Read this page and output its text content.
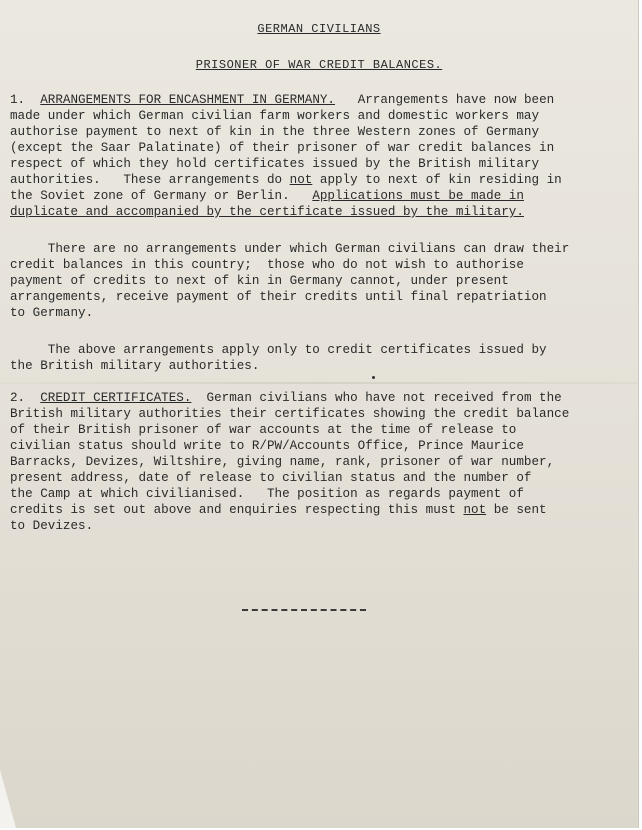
GERMAN CIVILIANS
PRISONER OF WAR CREDIT BALANCES.
1. ARRANGEMENTS FOR ENCASHMENT IN GERMANY. Arrangements have now been
made under which German civilian farm workers and domestic workers may
authorise payment to next of kin in the three Western zones of Germany
(except the Saar Palatinate) of their prisoner of war credit balances in
respect of which they hold certificates issued by the British military
authorities.   These arrangements do not apply to next of kin residing in
the Soviet zone of Germany or Berlin.   Applications must be made in
duplicate and accompanied by the certificate issued by the military.
There are no arrangements under which German civilians can draw their
credit balances in this country;  those who do not wish to authorise
payment of credits to next of kin in Germany cannot, under present
arrangements, receive payment of their credits until final repatriation
to Germany.
The above arrangements apply only to credit certificates issued by
the British military authorities.
2. CREDIT CERTIFICATES. German civilians who have not received from the
British military authorities their certificates showing the credit balance
of their British prisoner of war accounts at the time of release to
civilian status should write to R/PW/Accounts Office, Prince Maurice
Barracks, Devizes, Wiltshire, giving name, rank, prisoner of war number,
present address, date of release to civilian status and the number of
the Camp at which civilianised.   The position as regards payment of
credits is set out above and enquiries respecting this must not be sent
to Devizes.
